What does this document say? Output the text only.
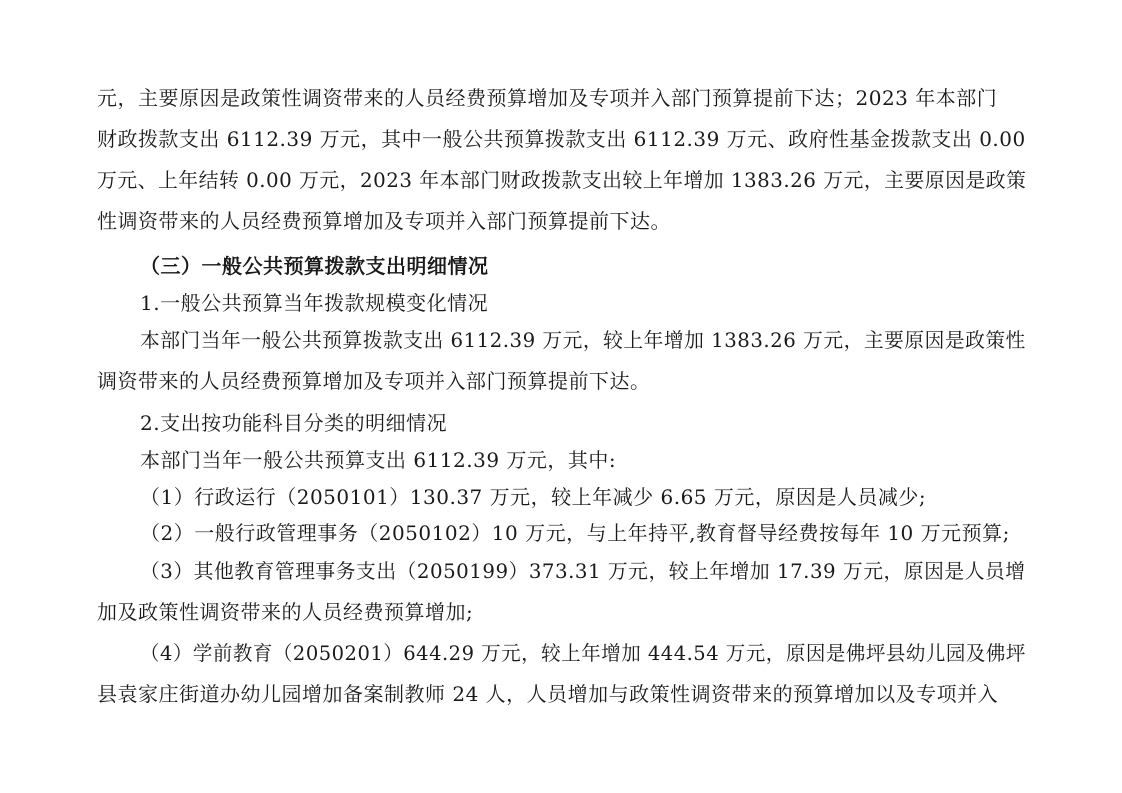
元，主要原因是政策性调资带来的人员经费预算增加及专项并入部门预算提前下达；2023 年本部门
财政拨款支出 6112.39 万元，其中一般公共预算拨款支出 6112.39 万元、政府性基金拨款支出 0.00
万元、上年结转 0.00 万元，2023 年本部门财政拨款支出较上年增加 1383.26 万元，主要原因是政策
性调资带来的人员经费预算增加及专项并入部门预算提前下达。
（三）一般公共预算拨款支出明细情况
1.一般公共预算当年拨款规模变化情况
本部门当年一般公共预算拨款支出 6112.39 万元，较上年增加 1383.26 万元，主要原因是政策性
调资带来的人员经费预算增加及专项并入部门预算提前下达。
2.支出按功能科目分类的明细情况
本部门当年一般公共预算支出 6112.39 万元，其中:
（1）行政运行（2050101）130.37 万元，较上年减少 6.65 万元，原因是人员减少;
（2）一般行政管理事务（2050102）10 万元，与上年持平,教育督导经费按每年 10 万元预算;
（3）其他教育管理事务支出（2050199）373.31 万元，较上年增加 17.39 万元，原因是人员增
加及政策性调资带来的人员经费预算增加;
（4）学前教育（2050201）644.29 万元，较上年增加 444.54 万元，原因是佛坪县幼儿园及佛坪
县袁家庄街道办幼儿园增加备案制教师 24 人，人员增加与政策性调资带来的预算增加以及专项并入
